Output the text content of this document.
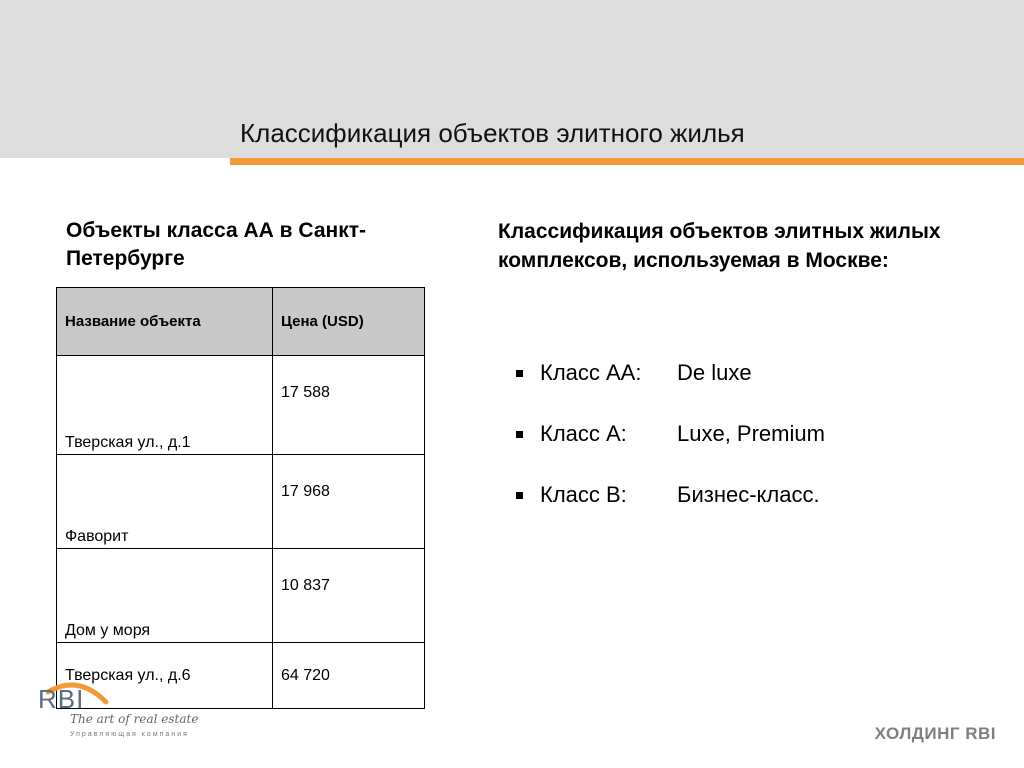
Классификация объектов элитного жилья
Объекты класса АА в Санкт-Петербурге
Название объекта	Цена (USD)
Тверская ул., д.1	17 588
Фаворит	17 968
Дом у моря	10 837
Тверская ул., д.6	64 720
Классификация объектов элитных жилых комплексов, используемая в Москве:
Класс АА:	De luxe
Класс А:	Luxe, Premium
Класс В:	Бизнес-класс.
RBI
The art of real estate
Управляющая компания	ХОЛДИНГ RBI
